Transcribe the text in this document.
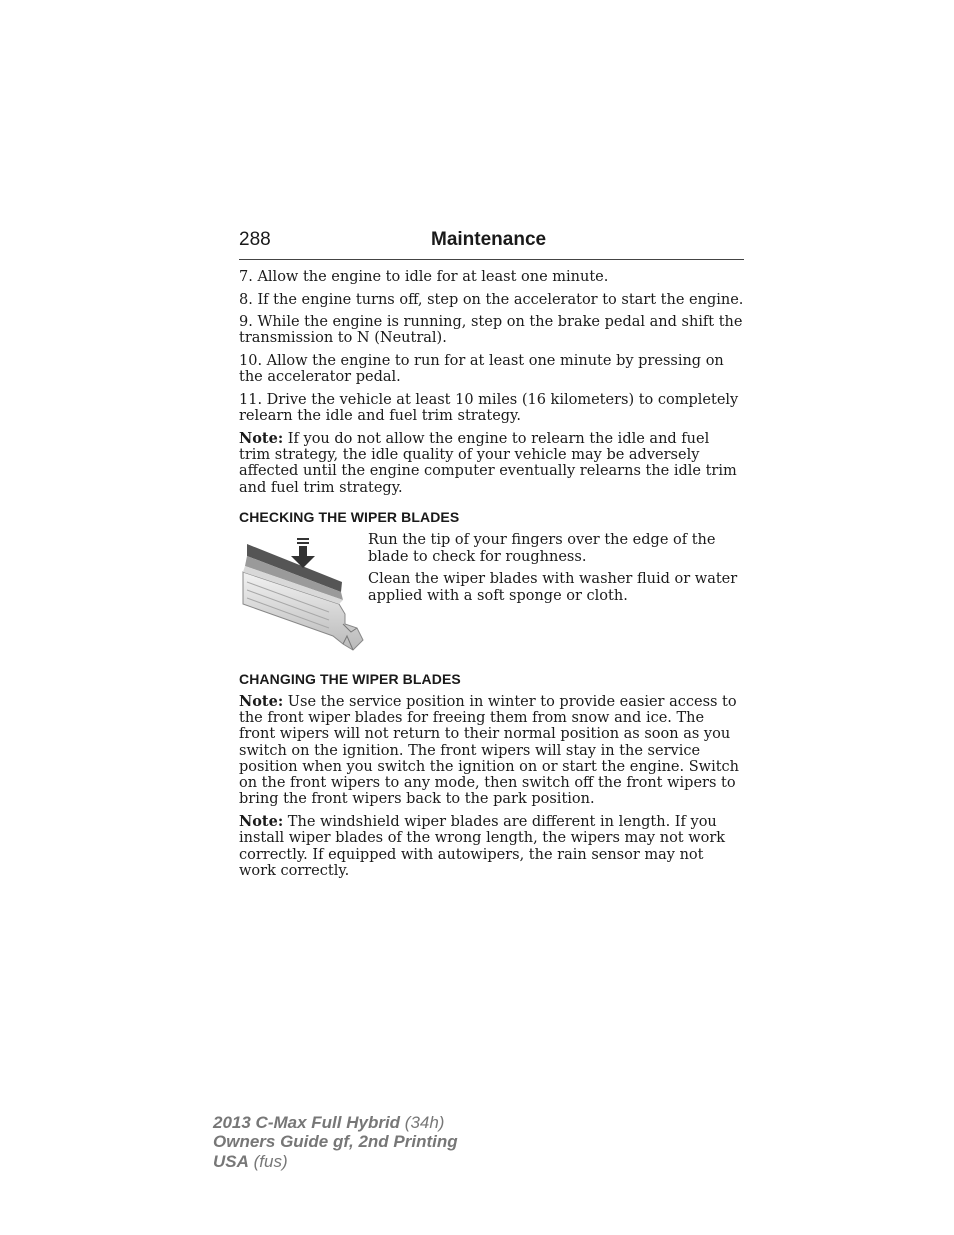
288	Maintenance

7. Allow the engine to idle for at least one minute.

8. If the engine turns off, step on the accelerator to start the engine.

9. While the engine is running, step on the brake pedal and shift the transmission to N (Neutral).

10. Allow the engine to run for at least one minute by pressing on the accelerator pedal.

11. Drive the vehicle at least 10 miles (16 kilometers) to completely relearn the idle and fuel trim strategy.

Note: If you do not allow the engine to relearn the idle and fuel trim strategy, the idle quality of your vehicle may be adversely affected until the engine computer eventually relearns the idle trim and fuel trim strategy.

CHECKING THE WIPER BLADES

Run the tip of your fingers over the edge of the blade to check for roughness.

Clean the wiper blades with washer fluid or water applied with a soft sponge or cloth.

CHANGING THE WIPER BLADES

Note: Use the service position in winter to provide easier access to the front wiper blades for freeing them from snow and ice. The front wipers will not return to their normal position as soon as you switch on the ignition. The front wipers will stay in the service position when you switch the ignition on or start the engine. Switch on the front wipers to any mode, then switch off the front wipers to bring the front wipers back to the park position.

Note: The windshield wiper blades are different in length. If you install wiper blades of the wrong length, the wipers may not work correctly. If equipped with autowipers, the rain sensor may not work correctly.

2013 C-Max Full Hybrid (34h)
Owners Guide gf, 2nd Printing
USA (fus)
